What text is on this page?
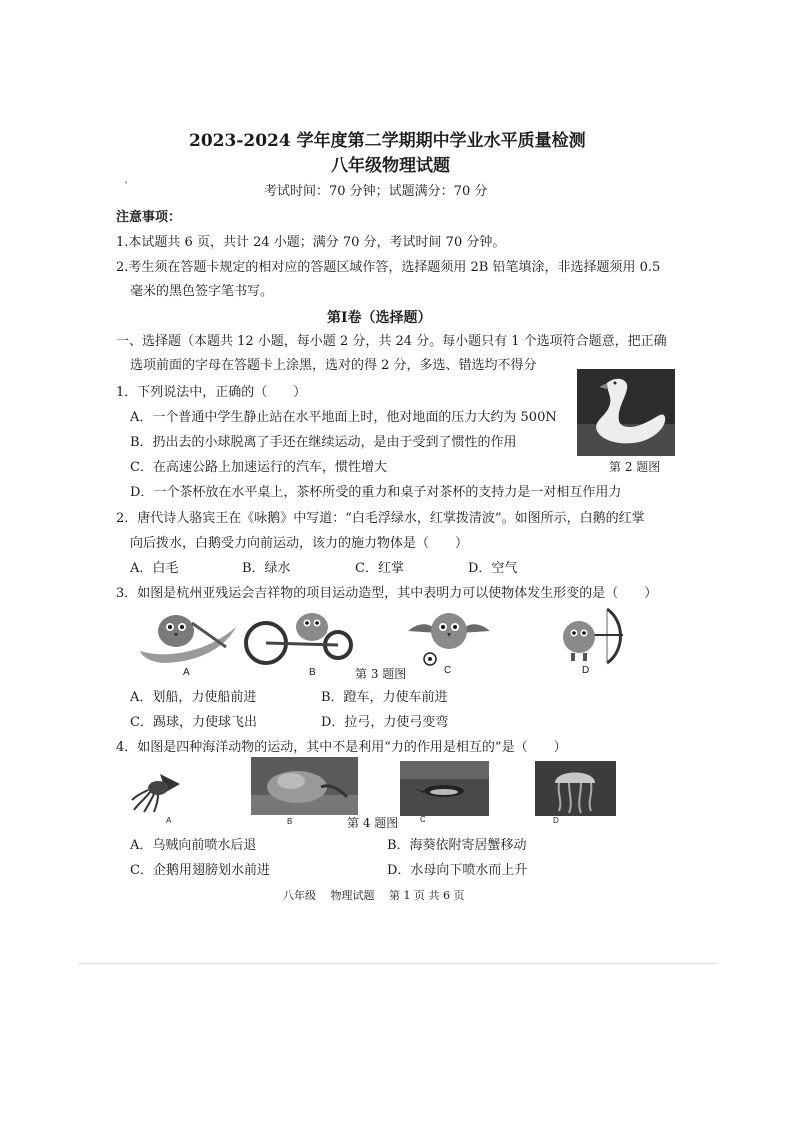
2023-2024 学年度第二学期期中学业水平质量检测
八年级物理试题
`	考试时间：70 分钟；试题满分：70 分
注意事项：
1.本试题共 6 页，共计 24 小题；满分 70 分，考试时间 70 分钟。
2.考生须在答题卡规定的相对应的答题区域作答，选择题须用 2B 铅笔填涂，非选择题须用 0.5
毫米的黑色签字笔书写。
第Ⅰ卷（选择题）
一、选择题（本题共 12 小题，每小题 2 分，共 24 分。每小题只有 1 个选项符合题意，把正确
选项前面的字母在答题卡上涂黑，选对的得 2 分，多选、错选均不得分
1．下列说法中，正确的（　　）
A．一个普通中学生静止站在水平地面上时，他对地面的压力大约为 500N
B．扔出去的小球脱离了手还在继续运动，是由于受到了惯性的作用
C．在高速公路上加速运行的汽车，惯性增大
D．一个茶杯放在水平桌上，茶杯所受的重力和桌子对茶杯的支持力是一对相互作用力
第 2 题图
2．唐代诗人骆宾王在《咏鹅》中写道：“白毛浮绿水，红掌拨清波”。如图所示，白鹅的红掌
向后拨水，白鹅受力向前运动，该力的施力物体是（　　）
A．白毛	B．绿水	C．红掌	D．空气
3．如图是杭州亚残运会吉祥物的项目运动造型，其中表明力可以使物体发生形变的是（　　）
A	B	C	D
第 3 题图
A．划船，力使船前进	B．蹬车，力使车前进
C．踢球，力使球飞出	D．拉弓，力使弓变弯
4．如图是四种海洋动物的运动，其中不是利用“力的作用是相互的”是（　　）
A	B	C	D
第 4 题图
A．乌贼向前喷水后退	B．海葵依附寄居蟹移动
C．企鹅用翅膀划水前进	D．水母向下喷水而上升
八年级　 物理试题　 第 1 页 共 6 页
